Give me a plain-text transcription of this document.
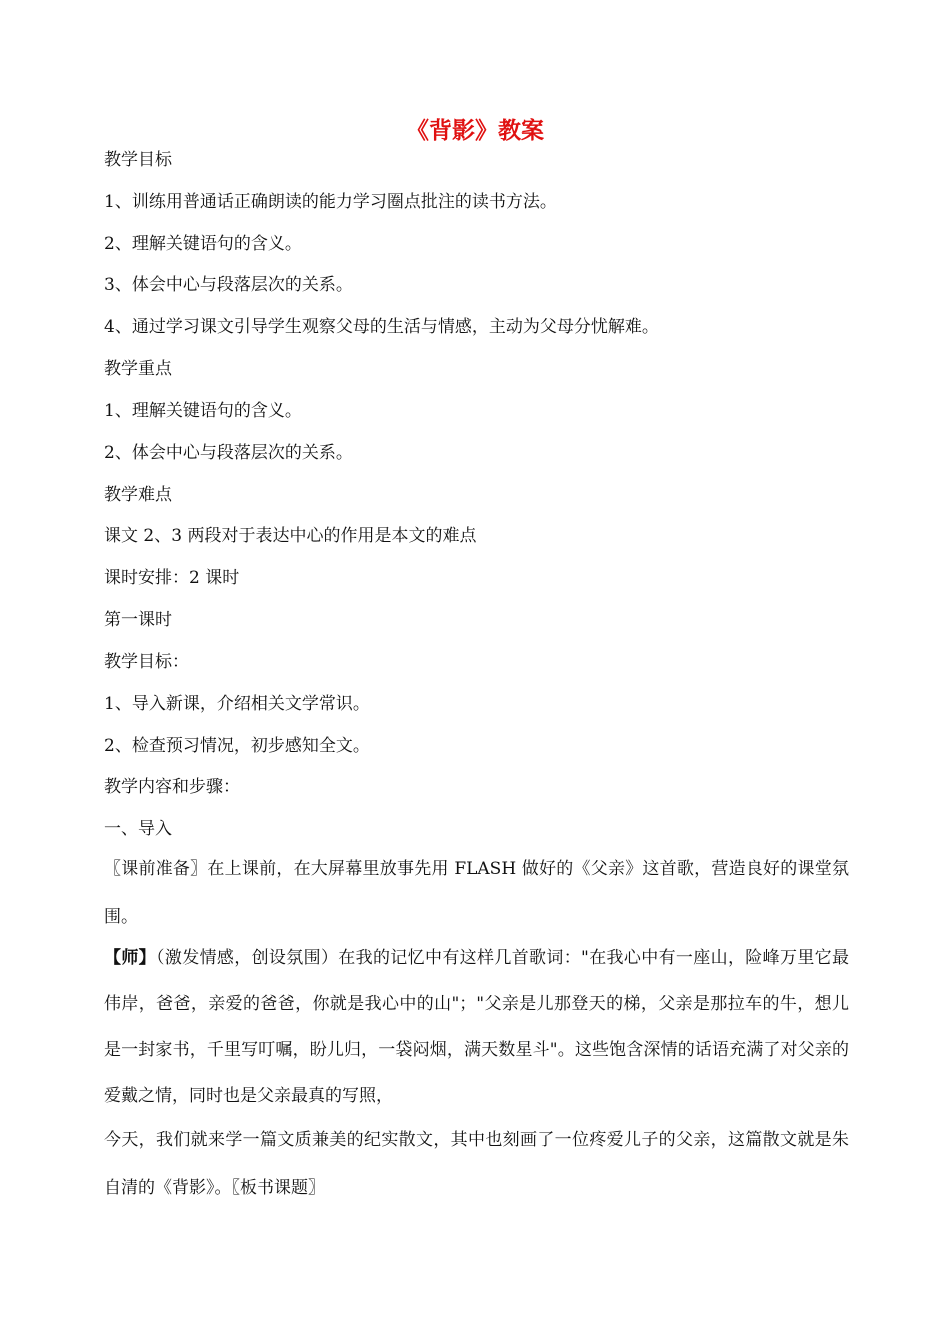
《背影》教案

教学目标

1、训练用普通话正确朗读的能力学习圈点批注的读书方法。

2、理解关键语句的含义。

3、体会中心与段落层次的关系。

4、通过学习课文引导学生观察父母的生活与情感，主动为父母分忧解难。

教学重点

1、理解关键语句的含义。

2、体会中心与段落层次的关系。

教学难点

课文 2、3 两段对于表达中心的作用是本文的难点

课时安排：2 课时

第一课时

教学目标：

1、导入新课，介绍相关文学常识。

2、检查预习情况，初步感知全文。

教学内容和步骤：

一、导入

〖课前准备〗在上课前，在大屏幕里放事先用 FLASH 做好的《父亲》这首歌，营造良好的课堂氛围。

【师】（激发情感，创设氛围）在我的记忆中有这样几首歌词："在我心中有一座山，险峰万里它最伟岸，爸爸，亲爱的爸爸，你就是我心中的山"；"父亲是儿那登天的梯，父亲是那拉车的牛，想儿是一封家书，千里写叮嘱，盼儿归，一袋闷烟，满天数星斗"。这些饱含深情的话语充满了对父亲的爱戴之情，同时也是父亲最真的写照，

今天，我们就来学一篇文质兼美的纪实散文，其中也刻画了一位疼爱儿子的父亲，这篇散文就是朱自清的《背影》。〖板书课题〗
